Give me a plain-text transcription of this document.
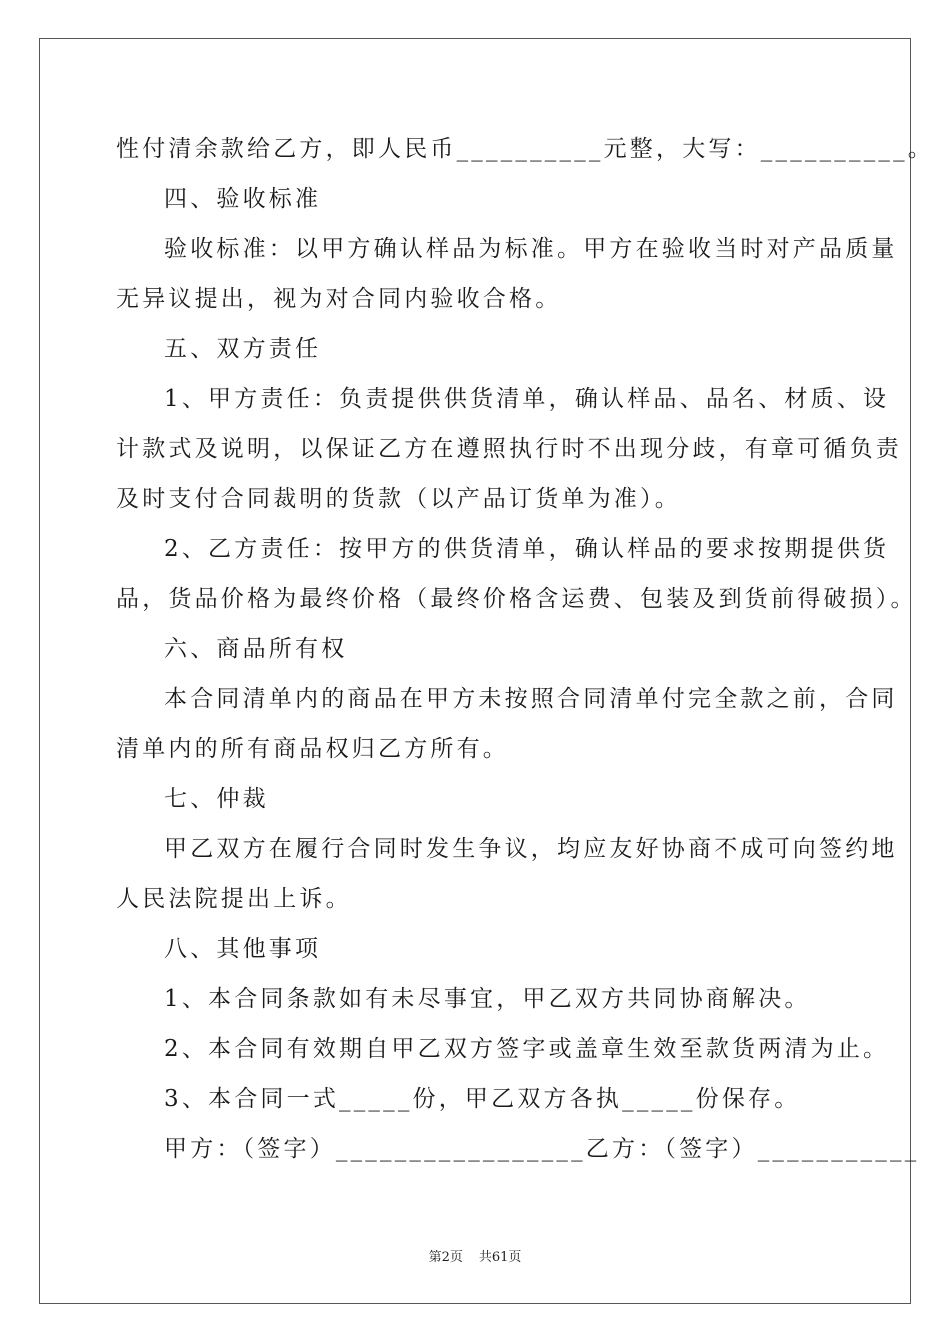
性付清余款给乙方，即人民币__________元整，大写：__________。
四、验收标准
验收标准：以甲方确认样品为标准。甲方在验收当时对产品质量
无异议提出，视为对合同内验收合格。
五、双方责任
1、甲方责任：负责提供供货清单，确认样品、品名、材质、设
计款式及说明，以保证乙方在遵照执行时不出现分歧，有章可循负责
及时支付合同裁明的货款（以产品订货单为准）。
2、乙方责任：按甲方的供货清单，确认样品的要求按期提供货
品，货品价格为最终价格（最终价格含运费、包装及到货前得破损）。
六、商品所有权
本合同清单内的商品在甲方未按照合同清单付完全款之前，合同
清单内的所有商品权归乙方所有。
七、仲裁
甲乙双方在履行合同时发生争议，均应友好协商不成可向签约地
人民法院提出上诉。
八、其他事项
1、本合同条款如有未尽事宜，甲乙双方共同协商解决。
2、本合同有效期自甲乙双方签字或盖章生效至款货两清为止。
3、本合同一式_____份，甲乙双方各执_____份保存。
甲方：（签字）_________________乙方：（签字）___________
第2页 共61页
